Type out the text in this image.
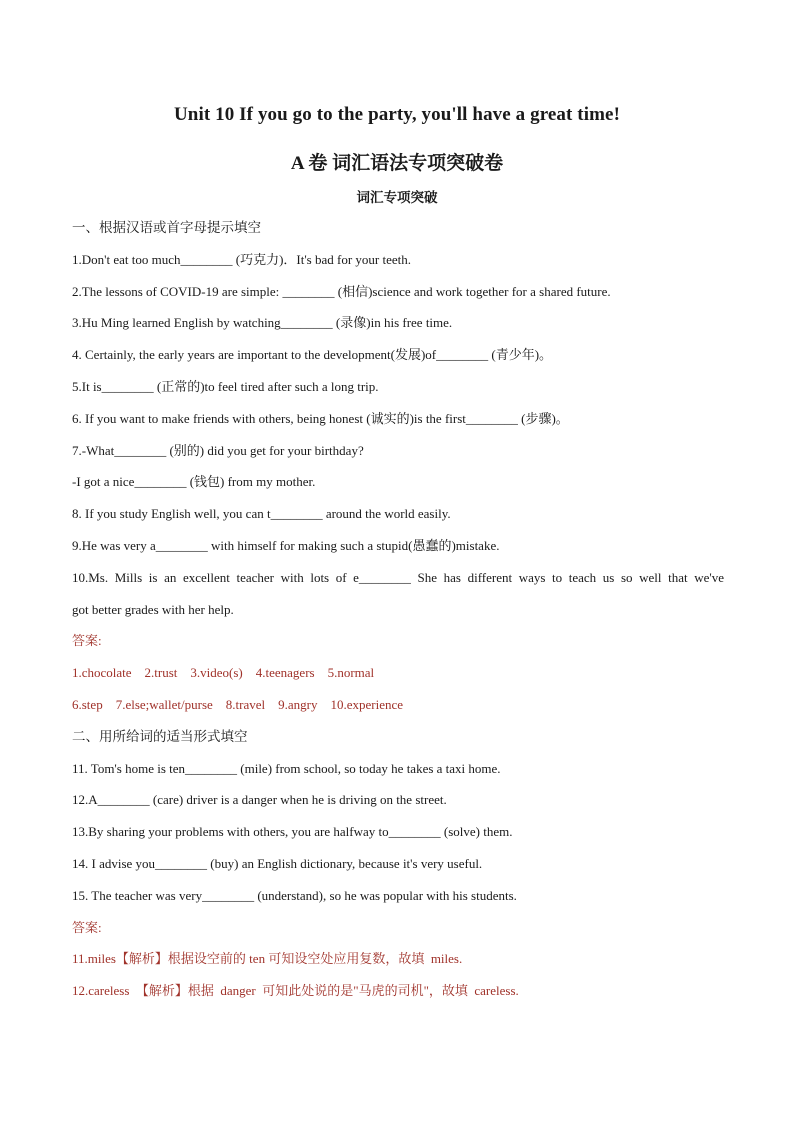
Unit 10 If you go to the party, you'll have a great time!
A 卷 词汇语法专项突破卷
词汇专项突破
一、根据汉语或首字母提示填空
1.Don't eat too much________ (巧克力)．It's bad for your teeth.
2.The lessons of COVID-19 are simple: ________ (相信)science and work together for a shared future.
3.Hu Ming learned English by watching________ (录像)in his free time.
4. Certainly, the early years are important to the development(发展)of________ (青少年)。
5.It is________ (正常的)to feel tired after such a long trip.
6. If you want to make friends with others, being honest (诚实的)is the first________ (步骤)。
7.-What________ (别的) did you get for your birthday?
-I got a nice________ (钱包) from my mother.
8. If you study English well, you can t________ around the world easily.
9.He was very a________ with himself for making such a stupid(愚蠢的)mistake.
10.Ms. Mills is an excellent teacher with lots of e________ She has different ways to teach us so well that we've
got better grades with her help.
答案:
1.chocolate    2.trust    3.video(s)    4.teenagers    5.normal
6.step    7.else;wallet/purse    8.travel    9.angry    10.experience
二、用所给词的适当形式填空
11. Tom's home is ten________ (mile) from school, so today he takes a taxi home.
12.A________ (care) driver is a danger when he is driving on the street.
13.By sharing your problems with others, you are halfway to________ (solve) them.
14. I advise you________ (buy) an English dictionary, because it's very useful.
15. The teacher was very________ (understand), so he was popular with his students.
答案:
11.miles【解析】根据设空前的 ten 可知设空处应用复数，故填  miles.
12.careless  【解析】根据  danger  可知此处说的是"马虎的司机"，故填  careless.
